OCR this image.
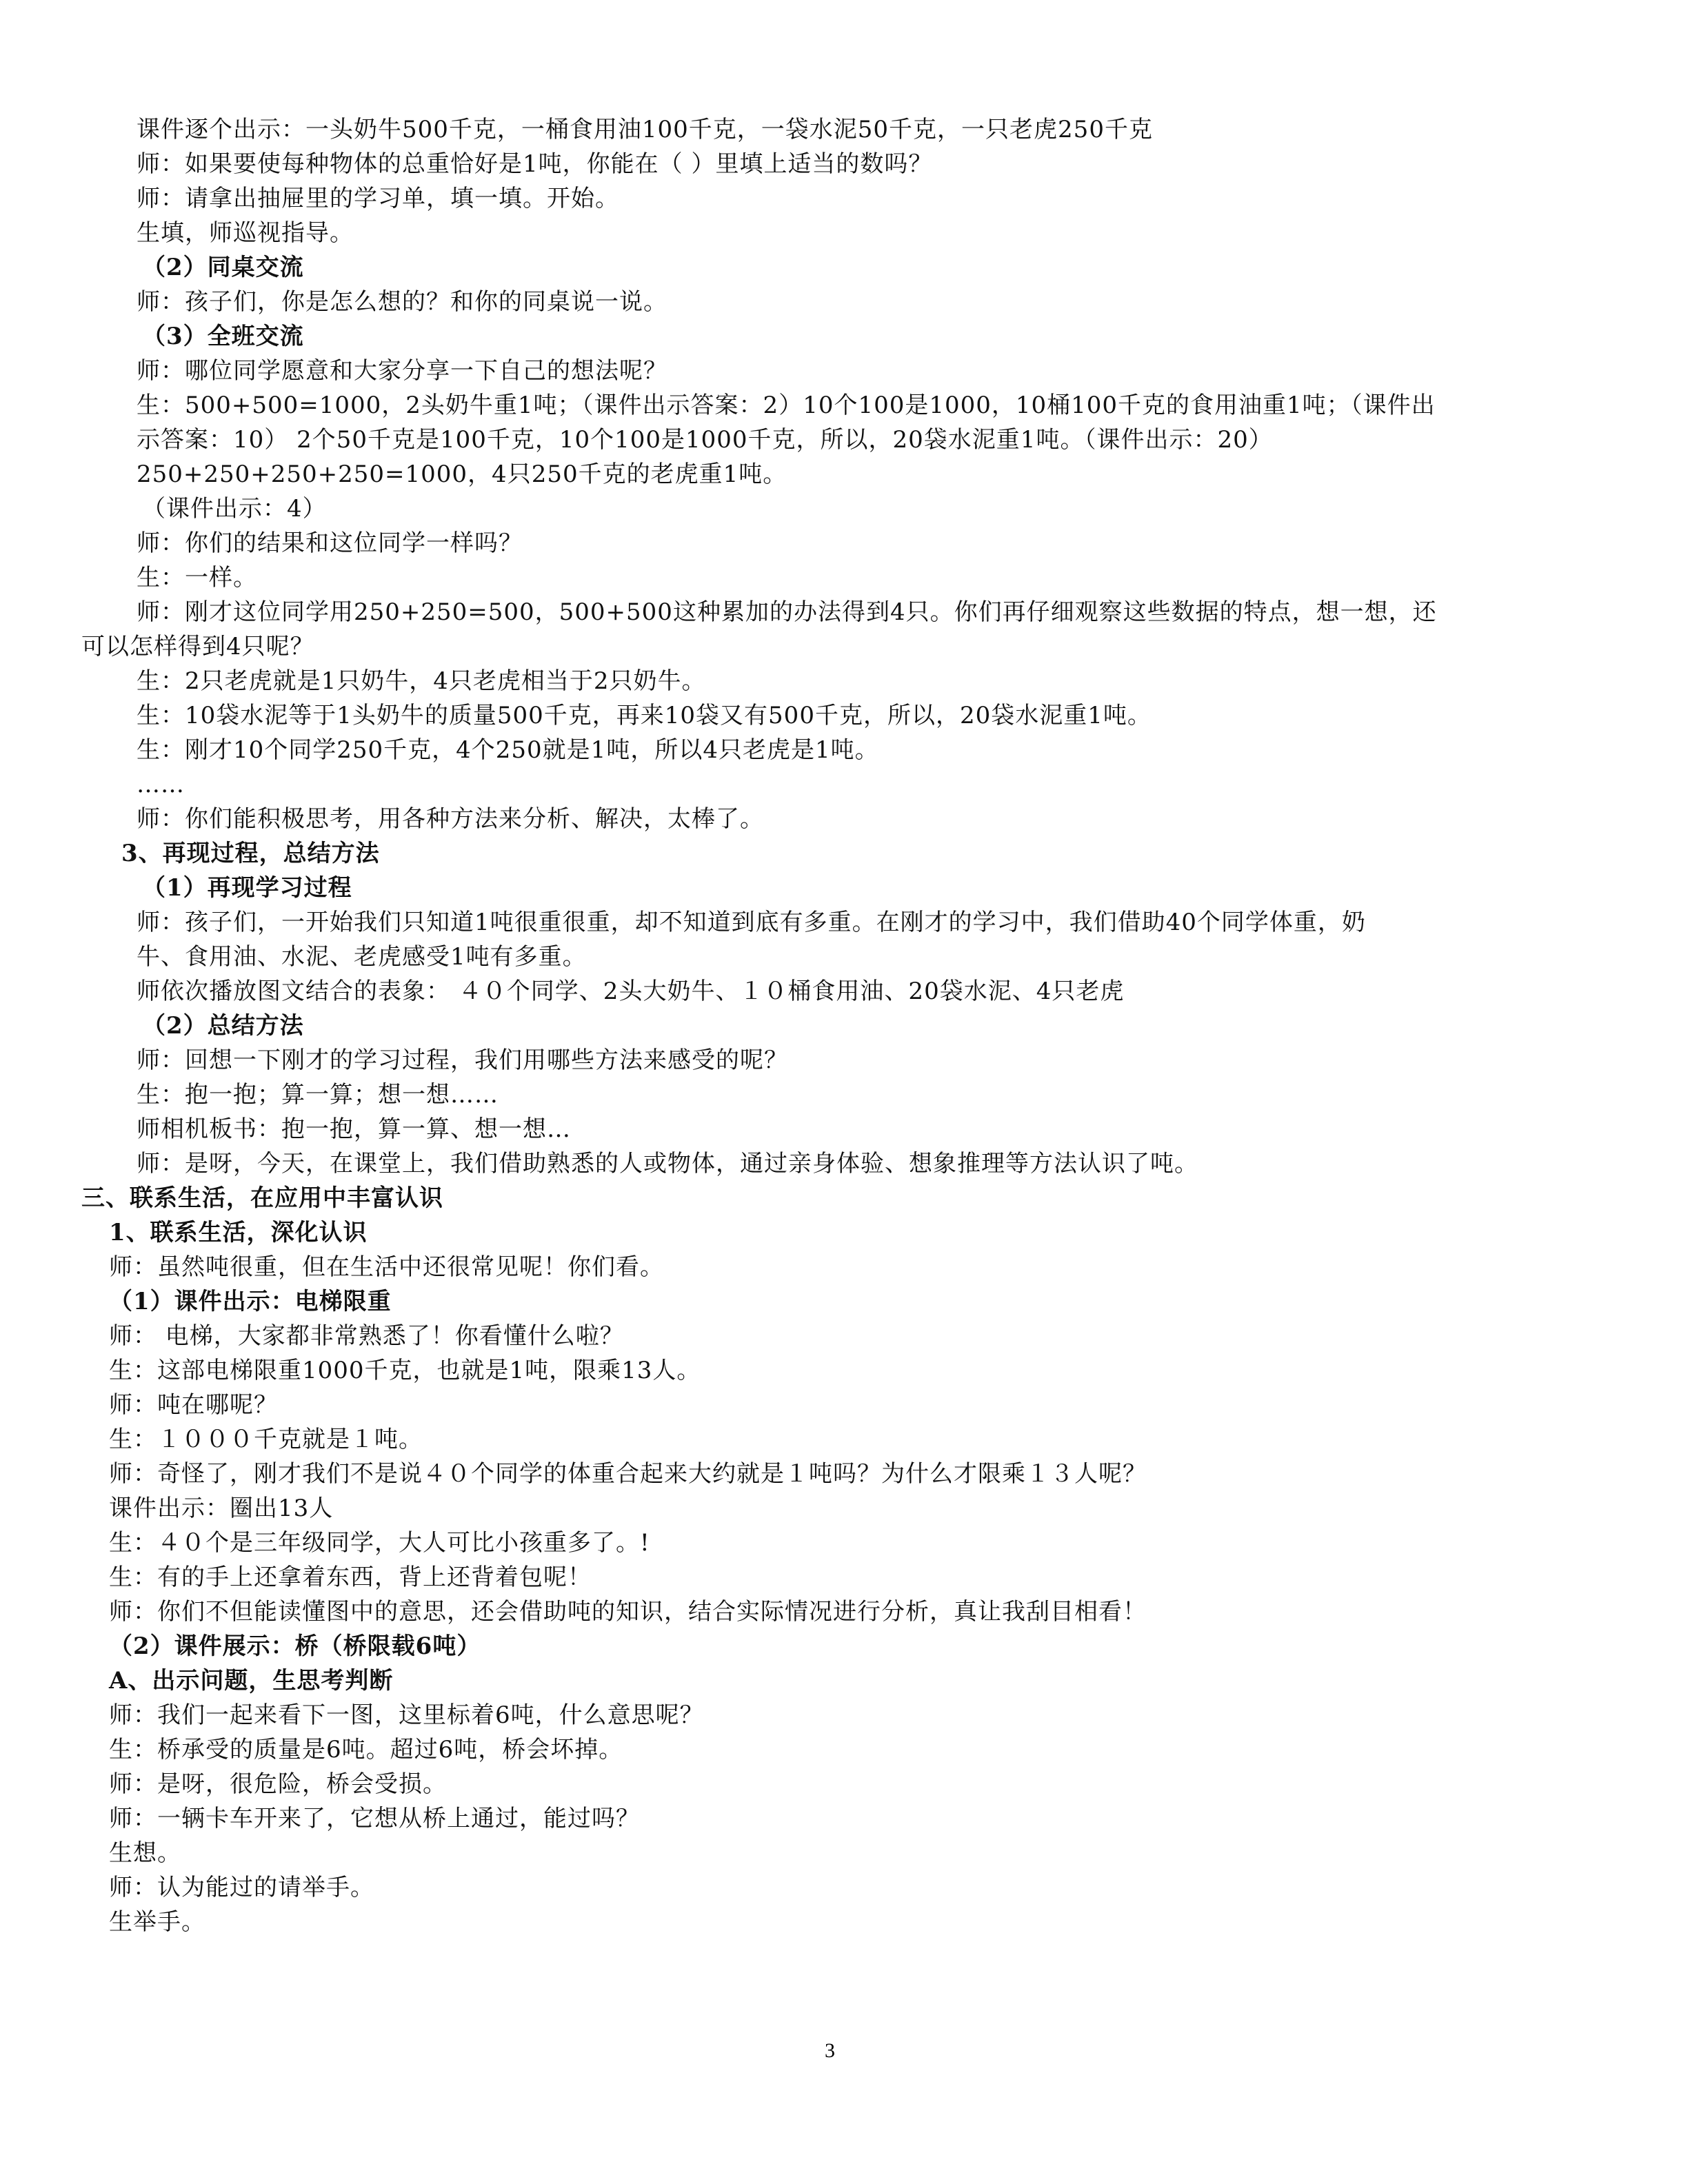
课件逐个出示：一头奶牛500千克，一桶食用油100千克，一袋水泥50千克，一只老虎250千克
师：如果要使每种物体的总重恰好是1吨，你能在（ ）里填上适当的数吗？
师：请拿出抽屉里的学习单，填一填。开始。
生填，师巡视指导。
（2）同桌交流
师：孩子们，你是怎么想的？和你的同桌说一说。
（3）全班交流
师：哪位同学愿意和大家分享一下自己的想法呢？
生：500+500=1000，2头奶牛重1吨；（课件出示答案：2）10个100是1000，10桶100千克的食用油重1吨；（课件出
示答案：10） 2个50千克是100千克，10个100是1000千克，所以，20袋水泥重1吨。（课件出示：20）
250+250+250+250=1000，4只250千克的老虎重1吨。
（课件出示：4）
师：你们的结果和这位同学一样吗？
生：一样。
师：刚才这位同学用250+250=500，500+500这种累加的办法得到4只。你们再仔细观察这些数据的特点，想一想，还
可以怎样得到4只呢？
生：2只老虎就是1只奶牛，4只老虎相当于2只奶牛。
生：10袋水泥等于1头奶牛的质量500千克，再来10袋又有500千克，所以，20袋水泥重1吨。
生：刚才10个同学250千克，4个250就是1吨，所以4只老虎是1吨。
……
师：你们能积极思考，用各种方法来分析、解决，太棒了。
3、再现过程，总结方法
（1）再现学习过程
师：孩子们，一开始我们只知道1吨很重很重，却不知道到底有多重。在刚才的学习中，我们借助40个同学体重，奶
牛、食用油、水泥、老虎感受1吨有多重。
师依次播放图文结合的表象： ４０个同学、2头大奶牛、１０桶食用油、20袋水泥、4只老虎
（2）总结方法
师：回想一下刚才的学习过程，我们用哪些方法来感受的呢？
生：抱一抱；算一算；想一想……
师相机板书：抱一抱，算一算、想一想…
师：是呀，今天，在课堂上，我们借助熟悉的人或物体，通过亲身体验、想象推理等方法认识了吨。
三、联系生活，在应用中丰富认识
1、联系生活，深化认识
师：虽然吨很重，但在生活中还很常见呢！你们看。
（1）课件出示：电梯限重
师： 电梯，大家都非常熟悉了！你看懂什么啦？
生：这部电梯限重1000千克，也就是1吨，限乘13人。
师：吨在哪呢？
生：１０００千克就是１吨。
师：奇怪了，刚才我们不是说４０个同学的体重合起来大约就是１吨吗？为什么才限乘１３人呢？
课件出示：圈出13人
生：４０个是三年级同学，大人可比小孩重多了。!
生：有的手上还拿着东西，背上还背着包呢！
师：你们不但能读懂图中的意思，还会借助吨的知识，结合实际情况进行分析，真让我刮目相看！
（2）课件展示：桥（桥限载6吨）
A、出示问题，生思考判断
师：我们一起来看下一图，这里标着6吨，什么意思呢？
生：桥承受的质量是6吨。超过6吨，桥会坏掉。
师：是呀，很危险，桥会受损。
师：一辆卡车开来了，它想从桥上通过，能过吗？
生想。
师：认为能过的请举手。
生举手。
3
